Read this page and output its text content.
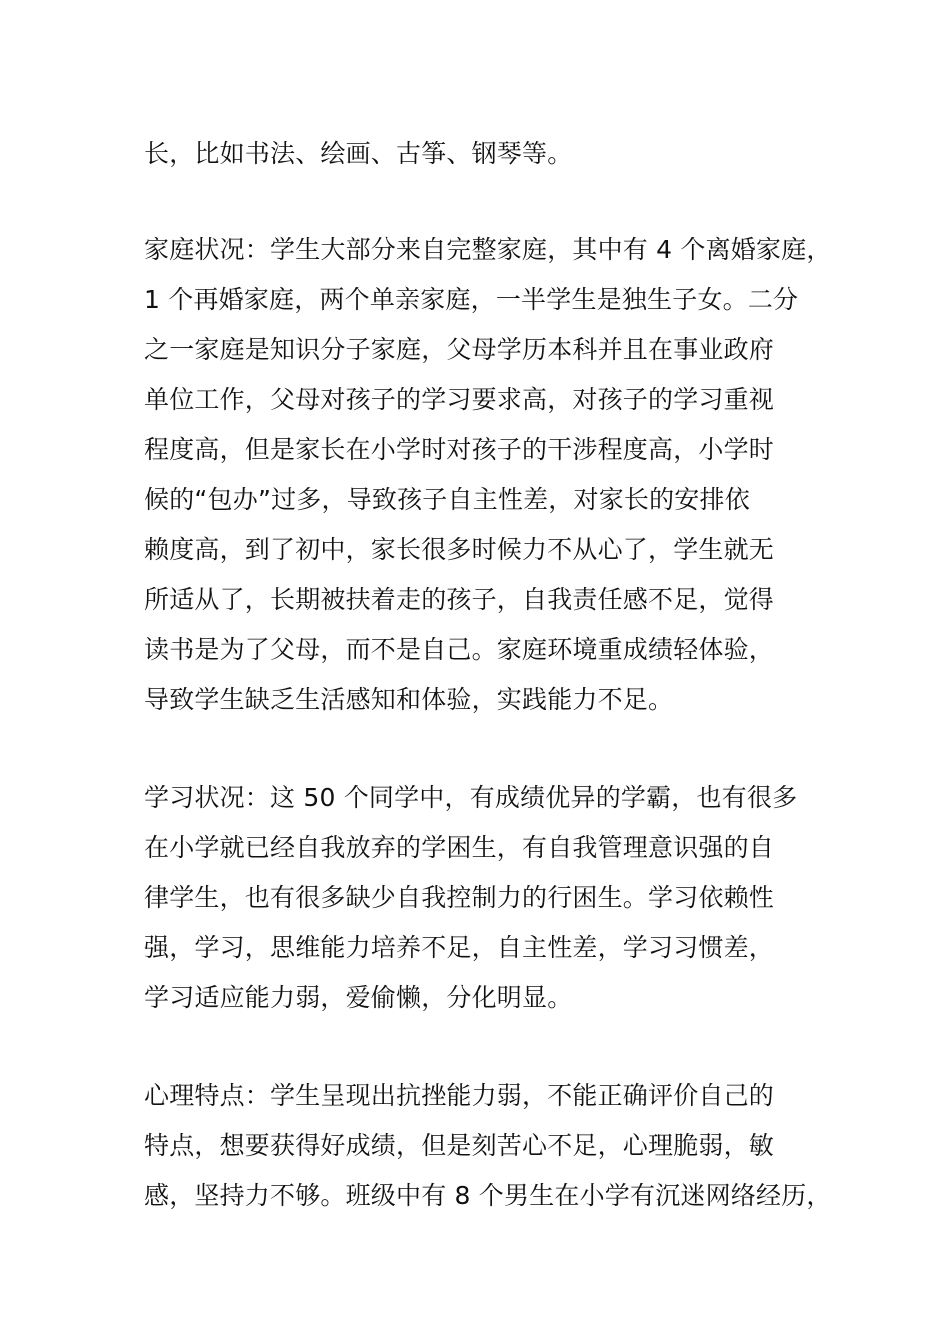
长，比如书法、绘画、古筝、钢琴等。
家庭状况：学生大部分来自完整家庭，其中有 4 个离婚家庭，
1 个再婚家庭，两个单亲家庭，一半学生是独生子女。二分
之一家庭是知识分子家庭，父母学历本科并且在事业政府
单位工作，父母对孩子的学习要求高，对孩子的学习重视
程度高，但是家长在小学时对孩子的干涉程度高，小学时
候的“包办”过多，导致孩子自主性差，对家长的安排依
赖度高，到了初中，家长很多时候力不从心了，学生就无
所适从了，长期被扶着走的孩子，自我责任感不足，觉得
读书是为了父母，而不是自己。家庭环境重成绩轻体验，
导致学生缺乏生活感知和体验，实践能力不足。
学习状况：这 50 个同学中，有成绩优异的学霸，也有很多
在小学就已经自我放弃的学困生，有自我管理意识强的自
律学生，也有很多缺少自我控制力的行困生。学习依赖性
强，学习，思维能力培养不足，自主性差，学习习惯差，
学习适应能力弱，爱偷懒，分化明显。
心理特点：学生呈现出抗挫能力弱，不能正确评价自己的
特点，想要获得好成绩，但是刻苦心不足，心理脆弱，敏
感，坚持力不够。班级中有 8 个男生在小学有沉迷网络经历，
